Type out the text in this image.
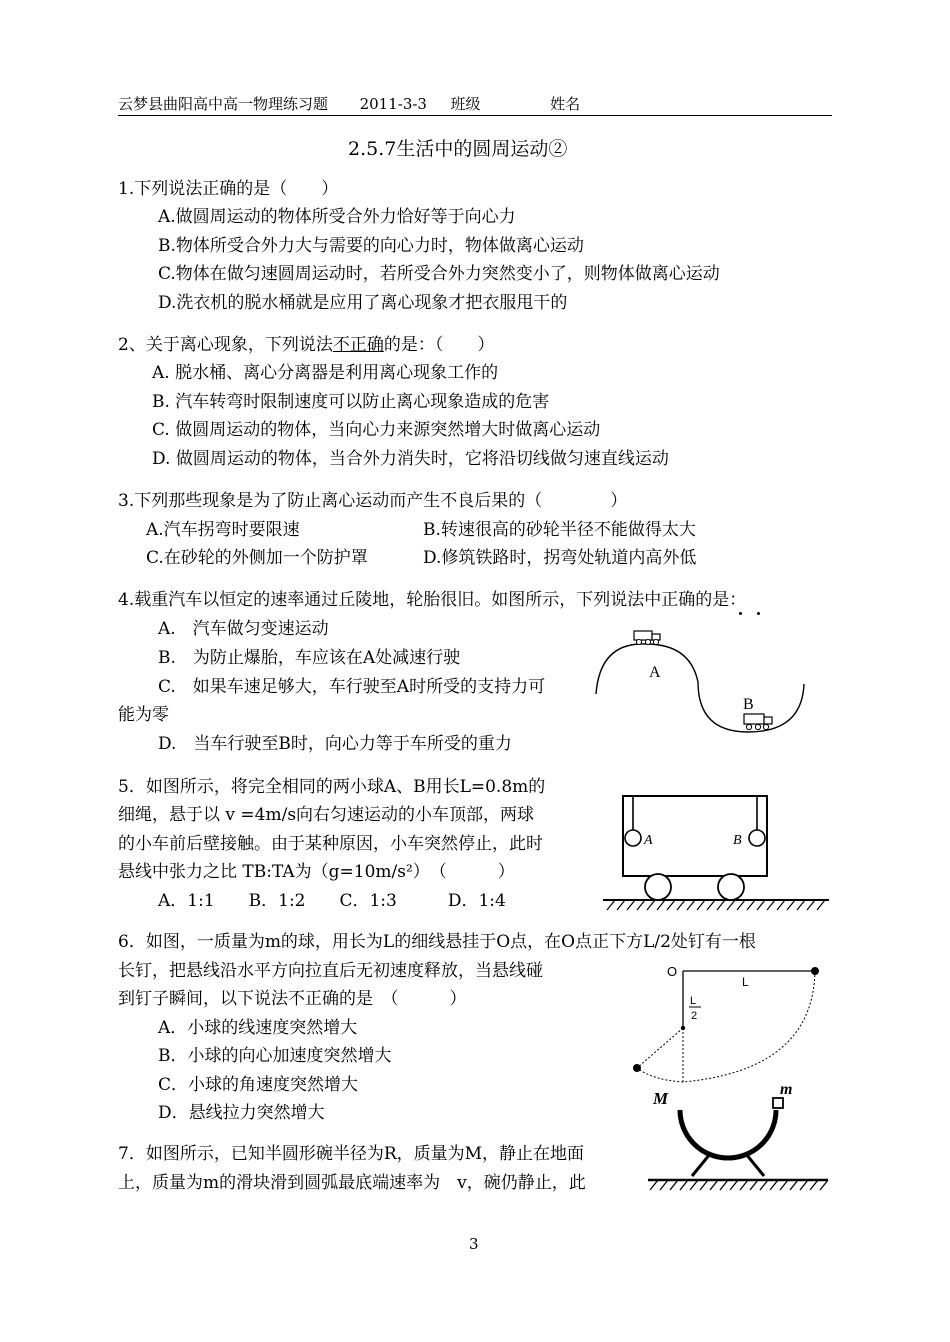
云梦县曲阳高中高一物理练习题 2011-3-3 班级	姓名
2.5.7生活中的圆周运动②
1.下列说法正确的是（　　）
A.做圆周运动的物体所受合外力恰好等于向心力
B.物体所受合外力大与需要的向心力时，物体做离心运动
C.物体在做匀速圆周运动时，若所受合外力突然变小了，则物体做离心运动
D.洗衣机的脱水桶就是应用了离心现象才把衣服甩干的
2、关于离心现象，下列说法不正确的是：（　　）
A. 脱水桶、离心分离器是利用离心现象工作的
B. 汽车转弯时限制速度可以防止离心现象造成的危害
C. 做圆周运动的物体，当向心力来源突然增大时做离心运动
D. 做圆周运动的物体，当合外力消失时，它将沿切线做匀速直线运动
3.下列那些现象是为了防止离心运动而产生不良后果的（　　　　）
A.汽车拐弯时要限速	B.转速很高的砂轮半径不能做得太大
C.在砂轮的外侧加一个防护罩	D.修筑铁路时，拐弯处轨道内高外低
4.载重汽车以恒定的速率通过丘陵地，轮胎很旧。如图所示，下列说法中正确的是：
A.　汽车做匀变速运动
B.　为防止爆胎，车应该在A处减速行驶
C.　如果车速足够大，车行驶至A时所受的支持力可
能为零
D.　当车行驶至B时，向心力等于车所受的重力
A
B
5．如图所示，将完全相同的两小球A、B用长L=0.8m的
细绳，悬于以 v =4m/s向右匀速运动的小车顶部，两球
的小车前后壁接触。由于某种原因，小车突然停止，此时
悬线中张力之比 TB:TA为（g=10m/s²）　（　　　）
A．1:1　　B．1:2　　C．1:3　　　D．1:4
A	B
6．如图，一质量为m的球，用长为L的细线悬挂于O点，在O点正下方L/2处钉有一根
长钉，把悬线沿水平方向拉直后无初速度释放，当悬线碰
到钉子瞬间，以下说法不正确的是　（　　　）
A．小球的线速度突然增大
B．小球的向心加速度突然增大
C．小球的角速度突然增大
D．悬线拉力突然增大
O
L
L
2
7．如图所示，已知半圆形碗半径为R，质量为M，静止在地面
上，质量为m的滑块滑到圆弧最底端速率为　v，碗仍静止，此
M	m
3
